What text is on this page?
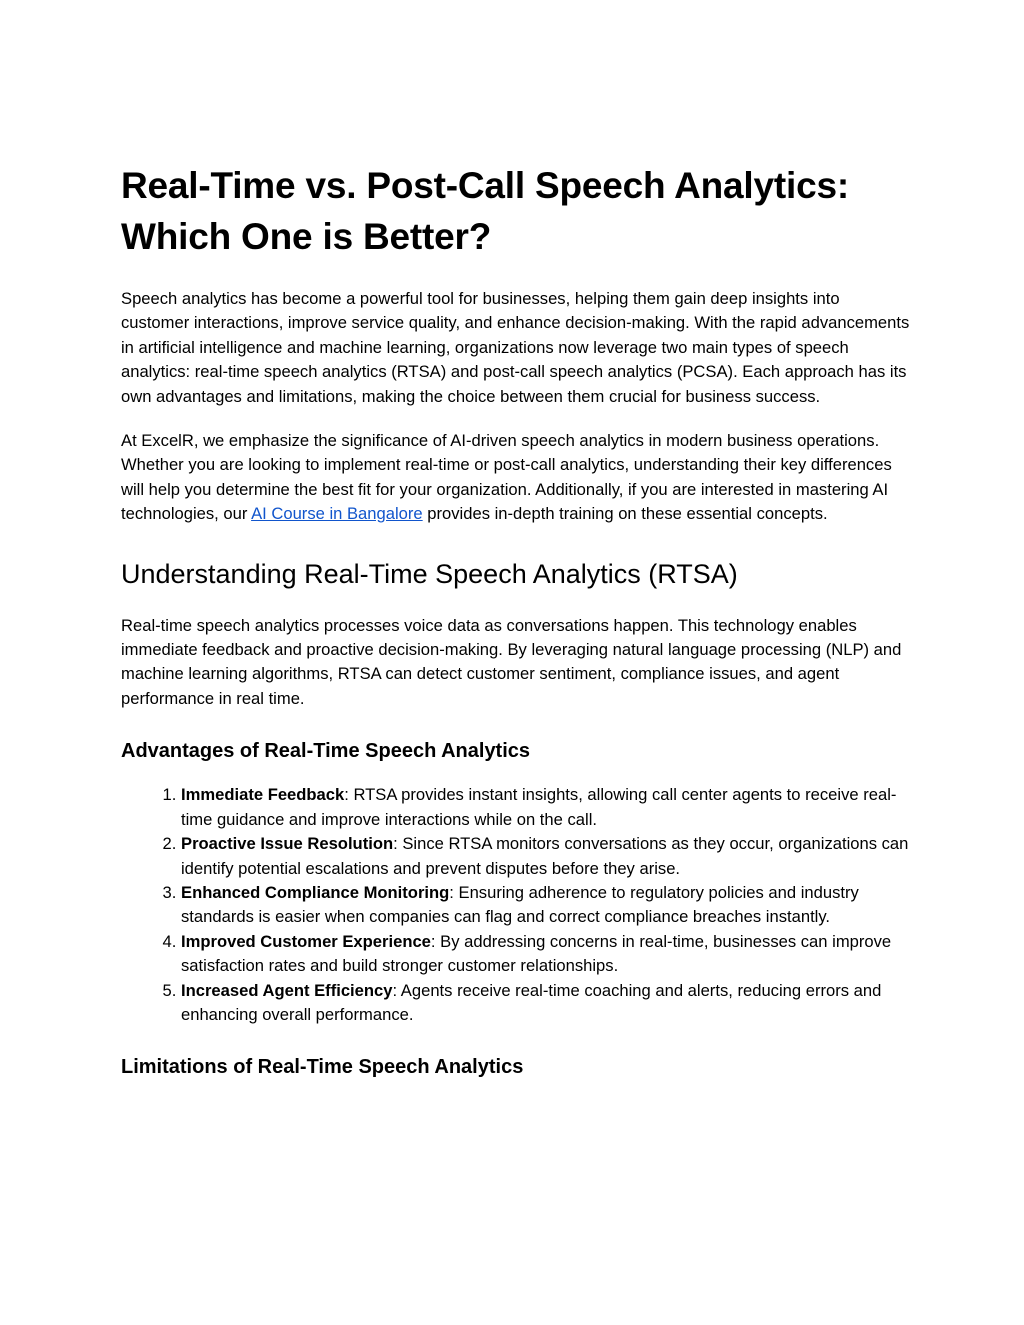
Real-Time vs. Post-Call Speech Analytics: Which One is Better?

Speech analytics has become a powerful tool for businesses, helping them gain deep insights into customer interactions, improve service quality, and enhance decision-making. With the rapid advancements in artificial intelligence and machine learning, organizations now leverage two main types of speech analytics: real-time speech analytics (RTSA) and post-call speech analytics (PCSA). Each approach has its own advantages and limitations, making the choice between them crucial for business success.

At ExcelR, we emphasize the significance of AI-driven speech analytics in modern business operations. Whether you are looking to implement real-time or post-call analytics, understanding their key differences will help you determine the best fit for your organization. Additionally, if you are interested in mastering AI technologies, our AI Course in Bangalore provides in-depth training on these essential concepts.

Understanding Real-Time Speech Analytics (RTSA)

Real-time speech analytics processes voice data as conversations happen. This technology enables immediate feedback and proactive decision-making. By leveraging natural language processing (NLP) and machine learning algorithms, RTSA can detect customer sentiment, compliance issues, and agent performance in real time.

Advantages of Real-Time Speech Analytics
1. Immediate Feedback: RTSA provides instant insights, allowing call center agents to receive real-time guidance and improve interactions while on the call.
2. Proactive Issue Resolution: Since RTSA monitors conversations as they occur, organizations can identify potential escalations and prevent disputes before they arise.
3. Enhanced Compliance Monitoring: Ensuring adherence to regulatory policies and industry standards is easier when companies can flag and correct compliance breaches instantly.
4. Improved Customer Experience: By addressing concerns in real-time, businesses can improve satisfaction rates and build stronger customer relationships.
5. Increased Agent Efficiency: Agents receive real-time coaching and alerts, reducing errors and enhancing overall performance.
Limitations of Real-Time Speech Analytics
